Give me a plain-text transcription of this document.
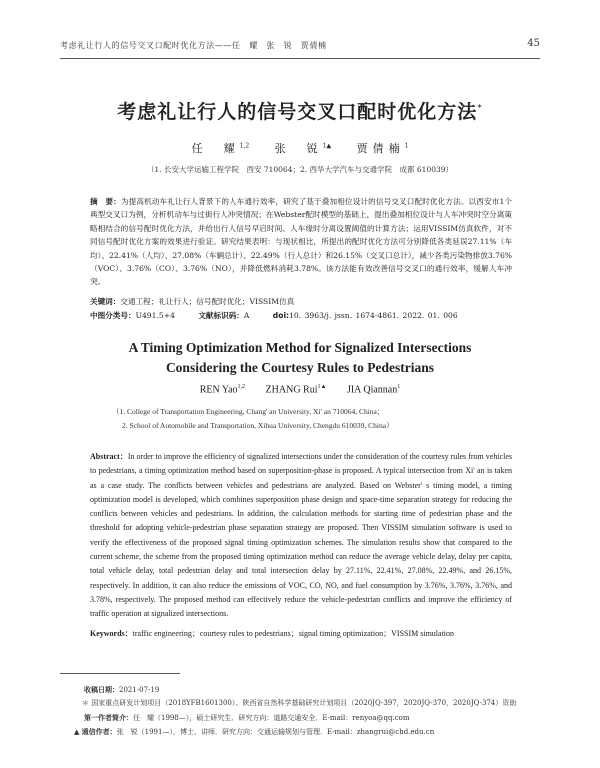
考虑礼让行人的信号交叉口配时优化方法——任　耀　张　锐　贾倩楠	45
考虑礼让行人的信号交叉口配时优化方法*
任　耀$^{1,2}$ 张　锐$^{1▲}$ 贾倩楠$^1$
（1. 长安大学运输工程学院　西安 710064；2. 西华大学汽车与交通学院　成都 610039）
摘　要：为提高机动车礼让行人背景下的人车通行效率，研究了基于叠加相位设计的信号交叉口配时优化方法。以西安市1个典型交叉口为例，分析机动车与过街行人冲突情况；在Webster配时模型的基础上，提出叠加相位设计与人车冲突时空分离策略相结合的信号配时优化方法，并给出行人信号早启时间、人车缘时分离设置阈值的计算方法；运用VISSIM仿真软件，对不同信号配时优化方案的效果进行验证。研究结果表明：与现状相比，所提出的配时优化方法可分别降低各类延误27.11%（车均）、22.41%（人均）、27.08%（车辆总计）、22.49%（行人总计）和26.15%（交叉口总计），减少各类污染物排放3.76%（VOC）、3.76%（CO）、3.76%（NO），并降低燃料消耗3.78%。该方法能有效改善信号交叉口的通行效率，缓解人车冲突。
关键词：交通工程；礼让行人；信号配时优化；VISSIM仿真
中图分类号：U491.5+4	文献标识码：A	doi:10. 3963/j. jssn. 1674-4861. 2022. 01. 006
A Timing Optimization Method for Signalized Intersections
Considering the Courtesy Rules to Pedestrians
REN Yao$^{1,2}$ ZHANG Rui$^{1▲}$ JIA Qiannan$^1$
（1. College of Transportation Engineering, Chang' an University, Xi' an 710064, China；
2. School of Automobile and Transportation, Xihua University, Chengdu 610039, China）
Abstract：In order to improve the efficiency of signalized intersections under the consideration of the courtesy rules from vehicles to pedestrians, a timing optimization method based on superposition-phase is proposed. A typical intersection from Xi' an is taken as a case study. The conflicts between vehicles and pedestrians are analyzed. Based on Webster' s timing model, a timing optimization model is developed, which combines superposition phase design and space-time separation strategy for reducing the conflicts between vehicles and pedestrians. In addition, the calculation methods for starting time of pedestrian phase and the threshold for adopting vehicle-pedestrian phase separation strategy are proposed. Then VISSIM simulation software is used to verify the effectiveness of the proposed signal timing optimization schemes. The simulation results show that compared to the current scheme, the scheme from the proposed timing optimization method can reduce the average vehicle delay, delay per capita, total vehicle delay, total pedestrian delay and total intersection delay by 27.11%, 22.41%, 27.08%, 22.49%, and 26.15%, respectively. In addition, it can also reduce the emissions of VOC, CO, NO, and fuel consumption by 3.76%, 3.76%, 3.76%, and 3.78%, respectively. The proposed method can effectively reduce the vehicle-pedestrian conflicts and improve the efficiency of traffic operation at signalized intersections.
Keywords：traffic engineering；courtesy rules to pedestrians；signal timing optimization；VISSIM simulation
收稿日期：2021-07-19
＊ 国家重点研发计划项目（2018YFB1601300）、陕西省自然科学基础研究计划项目（2020JQ-397，2020JQ-370，2020JQ-374）资助
第一作者简介：任　耀（1998—），硕士研究生．研究方向：道路交通安全．E-mail：renyoa@qq.com
▲ 通信作者：张　锐（1991—），博士、讲师．研究方向：交通运输规划与管理．E-mail：zhangrui@chd.edu.cn
